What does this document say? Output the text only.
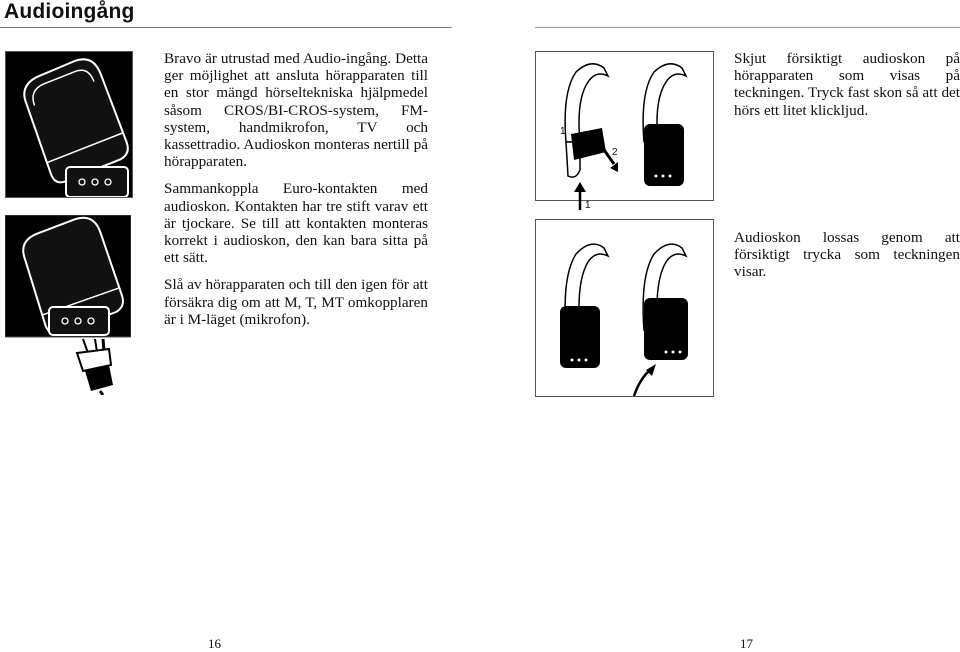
Audioingång

Bravo är utrustad med Audio-ingång. Detta ger möjlighet att ansluta hörapparaten till en stor mängd hörseltekniska hjälpmedel såsom CROS/BI-CROS-system, FM-system, handmikrofon, TV och kassettradio. Audioskon monteras nertill på hörapparaten.

Sammankoppla Euro-kontakten med audioskon. Kontakten har tre stift varav ett är tjockare. Se till att kontakten monteras korrekt i audioskon, den kan bara sitta på ett sätt.

Slå av hörapparaten och till den igen för att försäkra dig om att M, T, MT omkopplaren är i M-läget (mikrofon).

2
1
1
Skjut försiktigt audioskon på hörapparaten som visas på teckningen. Tryck fast skon så att det hörs ett litet klickljud.
Audioskon lossas genom att försiktigt trycka som teckningen visar.
16	17
